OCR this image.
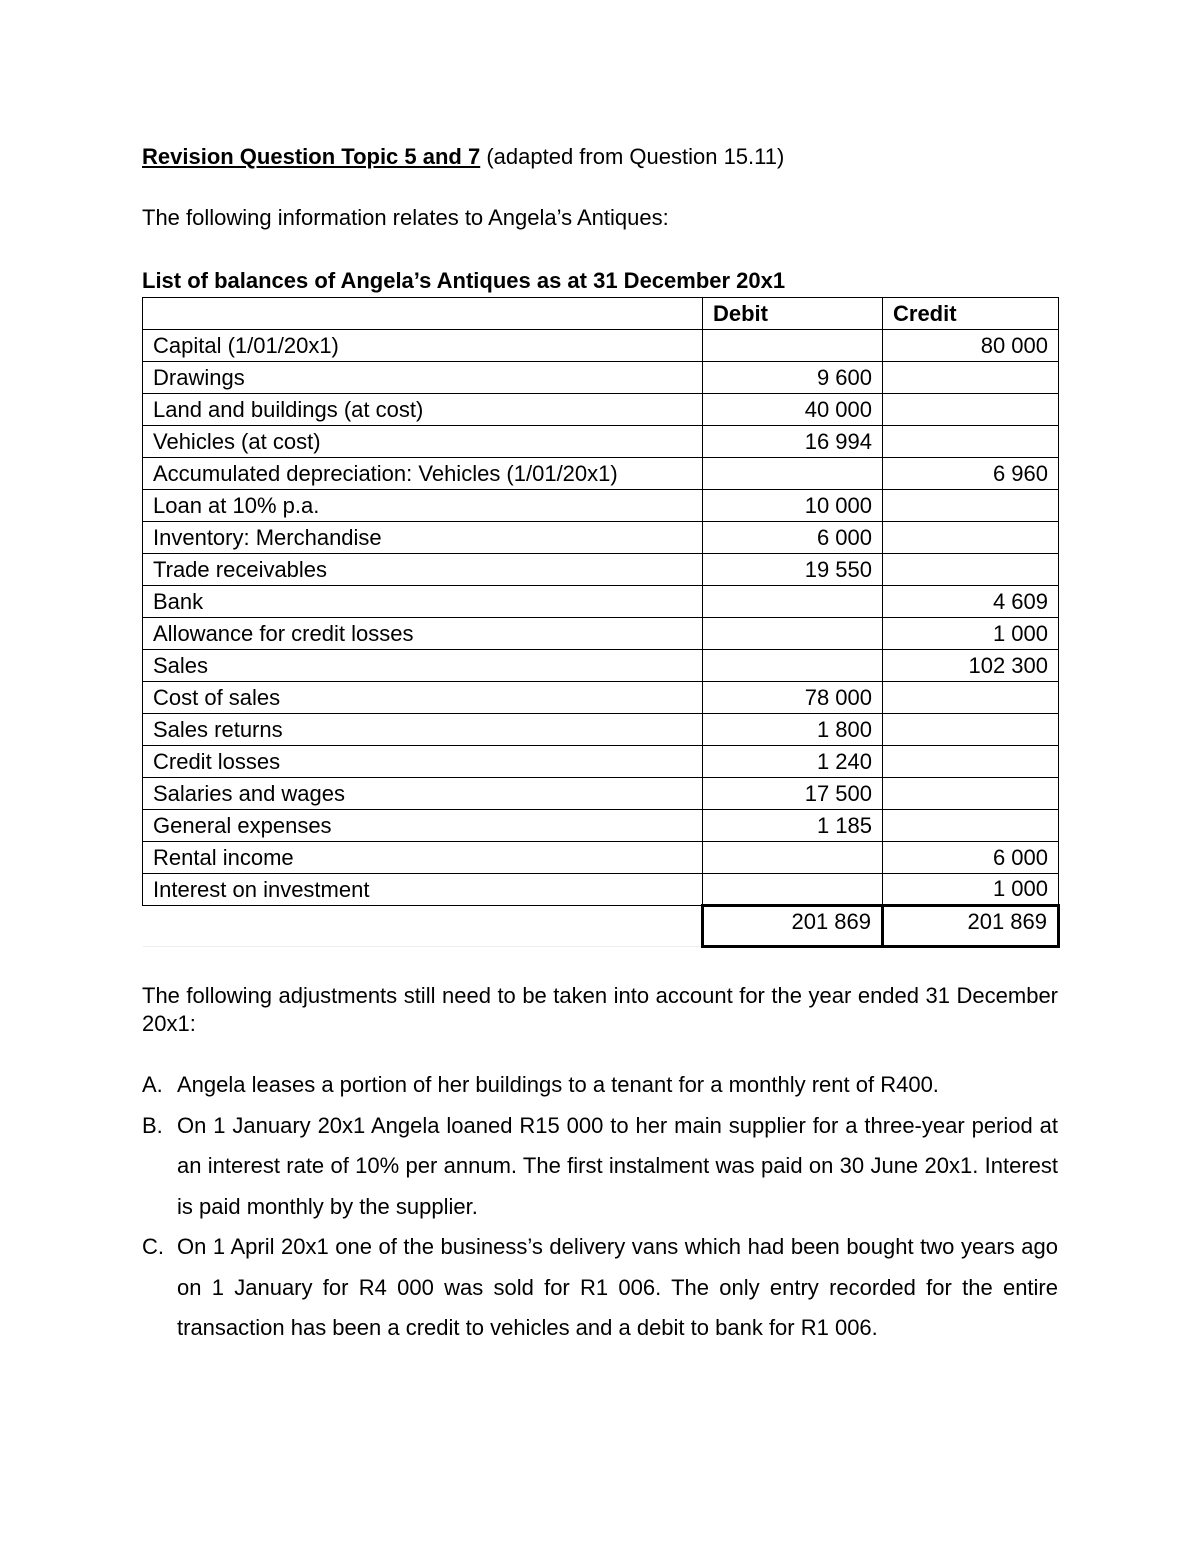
Revision Question Topic 5 and 7 (adapted from Question 15.11)
The following information relates to Angela’s Antiques:
List of balances of Angela’s Antiques as at 31 December 20x1
	Debit	Credit
Capital (1/01/20x1)		80 000
Drawings	9 600	
Land and buildings (at cost)	40 000	
Vehicles (at cost)	16 994	
Accumulated depreciation: Vehicles (1/01/20x1)		6 960
Loan at 10% p.a.	10 000	
Inventory: Merchandise	6 000	
Trade receivables	19 550	
Bank		4 609
Allowance for credit losses		1 000
Sales		102 300
Cost of sales	78 000	
Sales returns	1 800	
Credit losses	1 240	
Salaries and wages	17 500	
General expenses	1 185	
Rental income		6 000
Interest on investment		1 000
	201 869	201 869
The following adjustments still need to be taken into account for the year ended 31 December 20x1:
A. Angela leases a portion of her buildings to a tenant for a monthly rent of R400.
B. On 1 January 20x1 Angela loaned R15 000 to her main supplier for a three-year period at an interest rate of 10% per annum. The first instalment was paid on 30 June 20x1. Interest is paid monthly by the supplier.
C. On 1 April 20x1 one of the business’s delivery vans which had been bought two years ago on 1 January for R4 000 was sold for R1 006. The only entry recorded for the entire transaction has been a credit to vehicles and a debit to bank for R1 006.
